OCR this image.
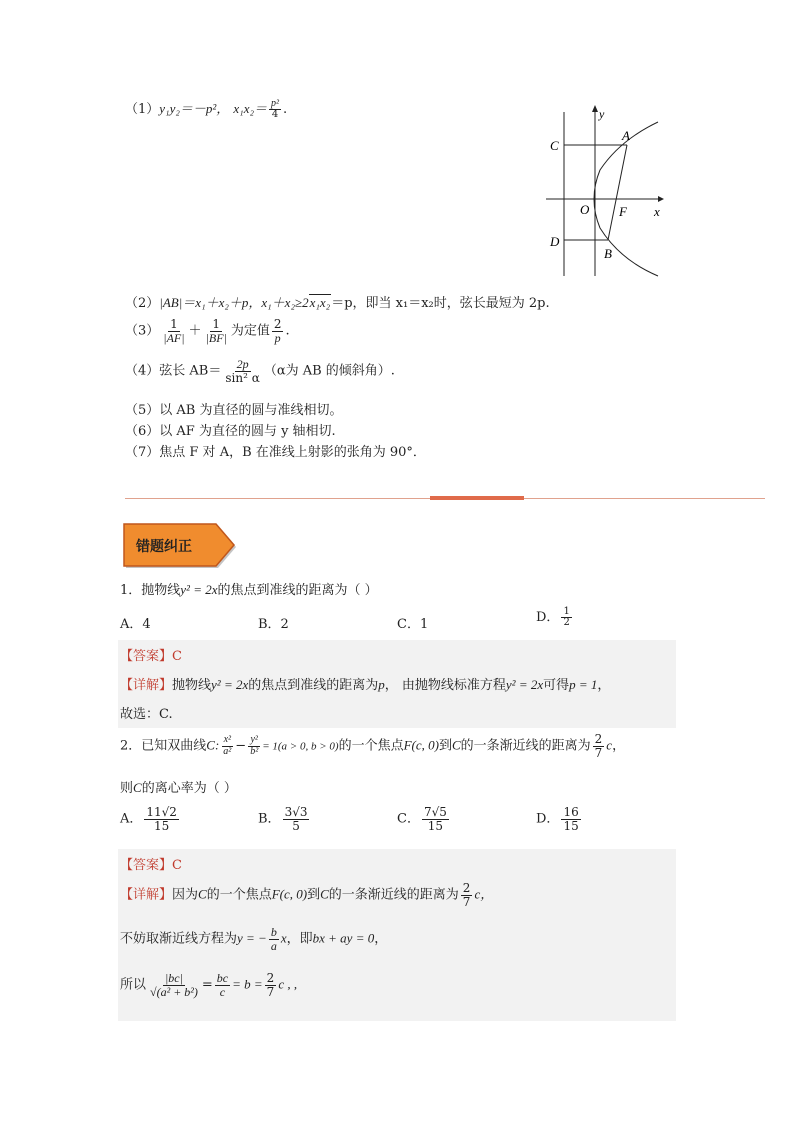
（1）y₁y₂＝－p²， $x_1x_2= \frac{\text{p²}}{4}$ .	y
A
C
O F x
D
B
（2）|AB|＝x₁＋x₂＋p，x₁＋x₂≥2x₁x₂＝p，即当 x₁＝x₂时，弦长最短为 2p.
$(3) \frac{1}{|AF|} + \frac{1}{|BF|}$ 为定值 $\frac{2}{p}$ .
（4）弦长 $AB= \frac{2p}{\text{sin² α}} (\alpha$为 AB 的倾斜角）.
（5）以 AB 为直径的圆与准线相切。
（6）以 AF 为直径的圆与 y 轴相切.
（7）焦点 F 对 A，B 在准线上射影的张角为 90°．
错题纠正
1．抛物线y² = 2x的焦点到准线的距离为（ ）
A．4	B．2	C．1	D． $\frac{1}{2}$
【答案】C
【详解】抛物线y² = 2x的焦点到准线的距离为p， 由抛物线标准方程y² = 2x可得p = 1，
故选：C.
2．已知双曲线C: $\frac{\text{x²}}{\text{a²}} - \frac{\text{y²}}{\text{b²}} = 1(a > 0$, b > 0)的一个焦点F(c, 0)到C的一条渐近线的距离为 $\frac{2}{7}$ c，
则C的离心率为（ ）
A． $\frac{11√2}{15}$	B． $\frac{3√3}{5}$	C． $\frac{7√5}{15}$	D． $\frac{16}{15}$
【答案】C
【详解】因为C的一个焦点F(c, 0)到C的一条渐近线的距离为 $\frac{2}{7}$ c，
不妨取渐近线方程为y = − $\frac{b}{a}$ x，即bx + ay = 0，
所以 $\frac{|bc|}{\text{√(a² + b²)}} = \frac{bc}{c} = b = \frac{2}{7}$ c , ,
